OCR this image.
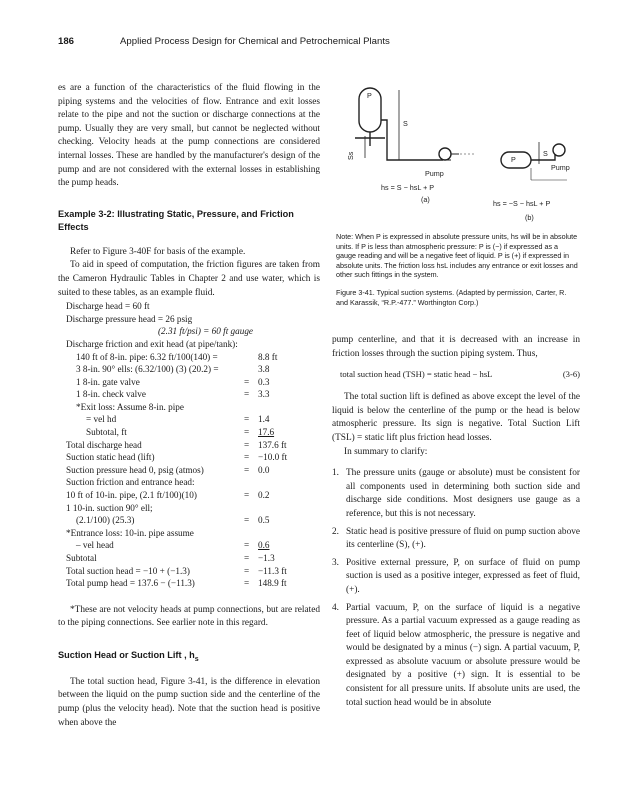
186	Applied Process Design for Chemical and Petrochemical Plants

es are a function of the characteristics of the fluid flowing in the piping systems and the velocities of flow. Entrance and exit losses relate to the pipe and not the suction or discharge connections at the pump. Usually they are very small, but cannot be neglected without checking. Velocity heads at the pump connections are considered internal losses. These are handled by the manufacturer's design of the pump and are not considered with the external losses in establishing the pump heads.

Example 3-2: Illustrating Static, Pressure, and Friction Effects

Refer to Figure 3-40F for basis of the example.

To aid in speed of computation, the friction figures are taken from the Cameron Hydraulic Tables in Chapter 2 and use water, which is suited to these tables, as an example fluid.

Discharge head = 60 ft
Discharge pressure head = 26 psig
(2.31 ft/psi) = 60 ft gauge
Discharge friction and exit head (at pipe/tank):
140 ft of 8-in. pipe: 6.32 ft/100(140) =	8.8 ft
3 8-in. 90° ells: (6.32/100) (3) (20.2) =	3.8
1 8-in. gate valve	= 0.3
1 8-in. check valve	= 3.3
*Exit loss: Assume 8-in. pipe
= vel hd	= 1.4
Subtotal, ft	= 17.6
Total discharge head	= 137.6 ft
Suction static head (lift)	= −10.0 ft
Suction pressure head 0, psig (atmos)	= 0.0
Suction friction and entrance head:
10 ft of 10-in. pipe, (2.1 ft/100)(10)	= 0.2
1 10-in. suction 90° ell;
(2.1/100) (25.3)	= 0.5
*Entrance loss: 10-in. pipe assume
– vel head	= 0.6
Subtotal	= −1.3
Total suction head = −10 + (−1.3)	= −11.3 ft
Total pump head = 137.6 − (−11.3)	= 148.9 ft

*These are not velocity heads at pump connections, but are related to the piping connections. See earlier note in this regard.

Suction Head or Suction Lift , $h_s$

The total suction head, Figure 3-41, is the difference in elevation between the liquid on the pump suction side and the centerline of the pump (plus the velocity head). Note that the suction head is positive when above the

P
Ss
S
Pump
hs = S − hsL + P
(a)
P
S
Pump
hs = −S − hsL + P
(b)
Note: When P is expressed in absolute pressure units, hs will be in absolute units. If P is less than atmospheric pressure: P is (−) if expressed as a gauge reading and will be a negative feet of liquid. P is (+) if expressed in absolute units. The friction loss hsL includes any entrance or exit losses and other such fittings in the system.
Figure 3-41. Typical suction systems. (Adapted by permission, Carter, R. and Karassik, “R.P.-477.” Worthington Corp.)

pump centerline, and that it is decreased with an increase in friction losses through the suction piping system. Thus,

total suction head (TSH) = static head − hsL	(3-6)

The total suction lift is defined as above except the level of the liquid is below the centerline of the pump or the head is below atmospheric pressure. Its sign is negative. Total Suction Lift (TSL) = static lift plus friction head losses.

In summary to clarify:

1. The pressure units (gauge or absolute) must be consistent for all components used in determining both suction side and discharge side conditions. Most designers use gauge as a reference, but this is not necessary.
2. Static head is positive pressure of fluid on pump suction above its centerline (S), (+).
3. Positive external pressure, P, on surface of fluid on pump suction is used as a positive integer, expressed as feet of fluid, (+).
4. Partial vacuum, P, on the surface of liquid is a negative pressure. As a partial vacuum expressed as a gauge reading as feet of liquid below atmospheric, the pressure is negative and would be designated by a minus (−) sign. A partial vacuum, P, expressed as absolute vacuum or absolute pressure would be designated by a positive (+) sign. It is essential to be consistent for all pressure units. If absolute units are used, the total suction head would be in absolute
